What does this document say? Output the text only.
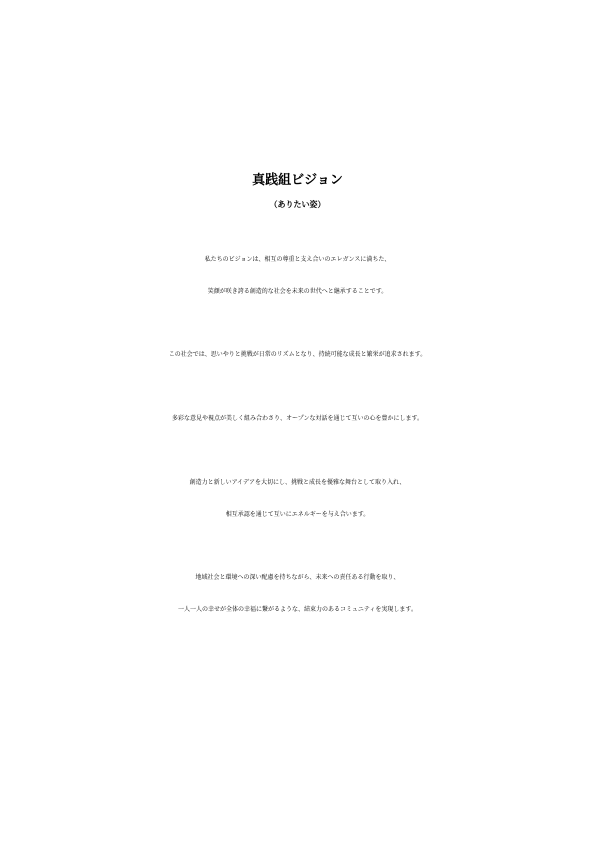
真践組ビジョン
（ありたい姿）
私たちのビジョンは、相互の尊重と支え合いのエレガンスに満ちた、
笑顔が咲き誇る創造的な社会を未来の世代へと継承することです。
この社会では、思いやりと挑戦が日常のリズムとなり、持続可能な成長と繁栄が追求されます。
多彩な意見や視点が美しく組み合わさり、オープンな対話を通じて互いの心を豊かにします。
創造力と新しいアイデアを大切にし、挑戦と成長を優雅な舞台として取り入れ、
相互承認を通じて互いにエネルギーを与え合います。
地域社会と環境への深い配慮を持ちながら、未来への責任ある行動を取り、
一人一人の幸せが全体の幸福に繋がるような、結束力のあるコミュニティを実現します。
